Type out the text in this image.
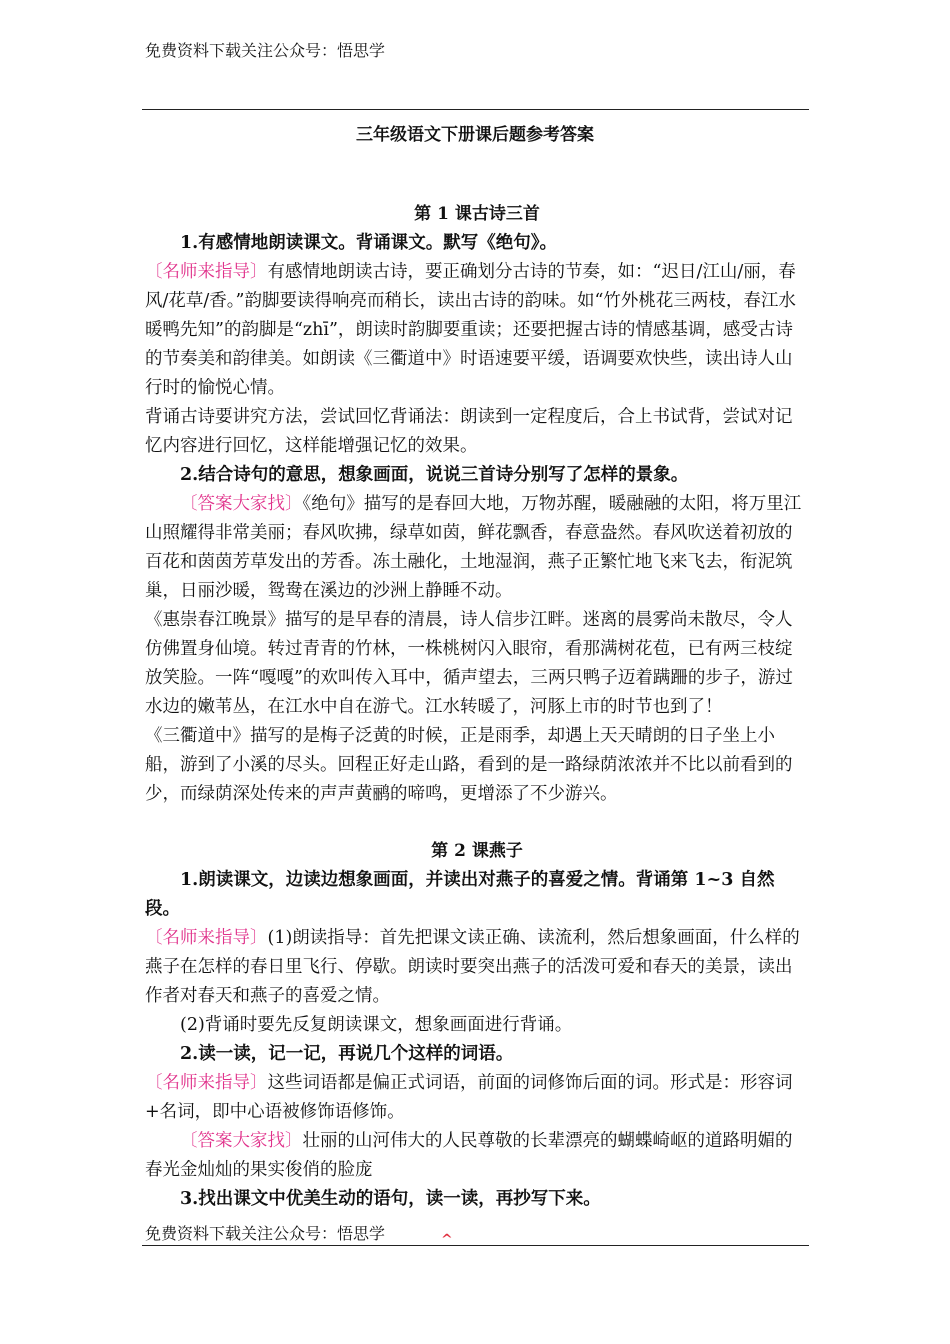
免费资料下载关注公众号：悟思学
三年级语文下册课后题参考答案

第 1 课古诗三首

1.有感情地朗读课文。背诵课文。默写《绝句》。

〔名师来指导〕有感情地朗读古诗，要正确划分古诗的节奏，如：“迟日/江山/丽，春风/花草/香。”韵脚要读得响亮而稍长，读出古诗的韵味。如“竹外桃花三两枝，春江水暖鸭先知”的韵脚是“zhī”，朗读时韵脚要重读；还要把握古诗的情感基调，感受古诗的节奏美和韵律美。如朗读《三衢道中》时语速要平缓，语调要欢快些，读出诗人山行时的愉悦心情。

背诵古诗要讲究方法，尝试回忆背诵法：朗读到一定程度后，合上书试背，尝试对记忆内容进行回忆，这样能增强记忆的效果。

2.结合诗句的意思，想象画面，说说三首诗分别写了怎样的景象。

〔答案大家找〕《绝句》描写的是春回大地，万物苏醒，暖融融的太阳，将万里江山照耀得非常美丽；春风吹拂，绿草如茵，鲜花飘香，春意盎然。春风吹送着初放的百花和茵茵芳草发出的芳香。冻土融化，土地湿润，燕子正繁忙地飞来飞去，衔泥筑巢，日丽沙暖，鸳鸯在溪边的沙洲上静睡不动。

《惠崇春江晚景》描写的是早春的清晨，诗人信步江畔。迷离的晨雾尚未散尽，令人仿佛置身仙境。转过青青的竹林，一株桃树闪入眼帘，看那满树花苞，已有两三枝绽放笑脸。一阵“嘎嘎”的欢叫传入耳中，循声望去，三两只鸭子迈着蹒跚的步子，游过水边的嫩苇丛，在江水中自在游弋。江水转暖了，河豚上市的时节也到了！

《三衢道中》描写的是梅子泛黄的时候，正是雨季，却遇上天天晴朗的日子坐上小船，游到了小溪的尽头。回程正好走山路，看到的是一路绿荫浓浓并不比以前看到的少，而绿荫深处传来的声声黄鹂的啼鸣，更增添了不少游兴。

第 2 课燕子

1.朗读课文，边读边想象画面，并读出对燕子的喜爱之情。背诵第 1~3 自然段。

〔名师来指导〕(1)朗读指导：首先把课文读正确、读流利，然后想象画面，什么样的燕子在怎样的春日里飞行、停歇。朗读时要突出燕子的活泼可爱和春天的美景，读出作者对春天和燕子的喜爱之情。

(2)背诵时要先反复朗读课文，想象画面进行背诵。

2.读一读，记一记，再说几个这样的词语。

〔名师来指导〕这些词语都是偏正式词语，前面的词修饰后面的词。形式是：形容词+名词，即中心语被修饰语修饰。

〔答案大家找〕壮丽的山河伟大的人民尊敬的长辈漂亮的蝴蝶崎岖的道路明媚的春光金灿灿的果实俊俏的脸庞

3.找出课文中优美生动的语句，读一读，再抄写下来。

免费资料下载关注公众号：悟思学	^
